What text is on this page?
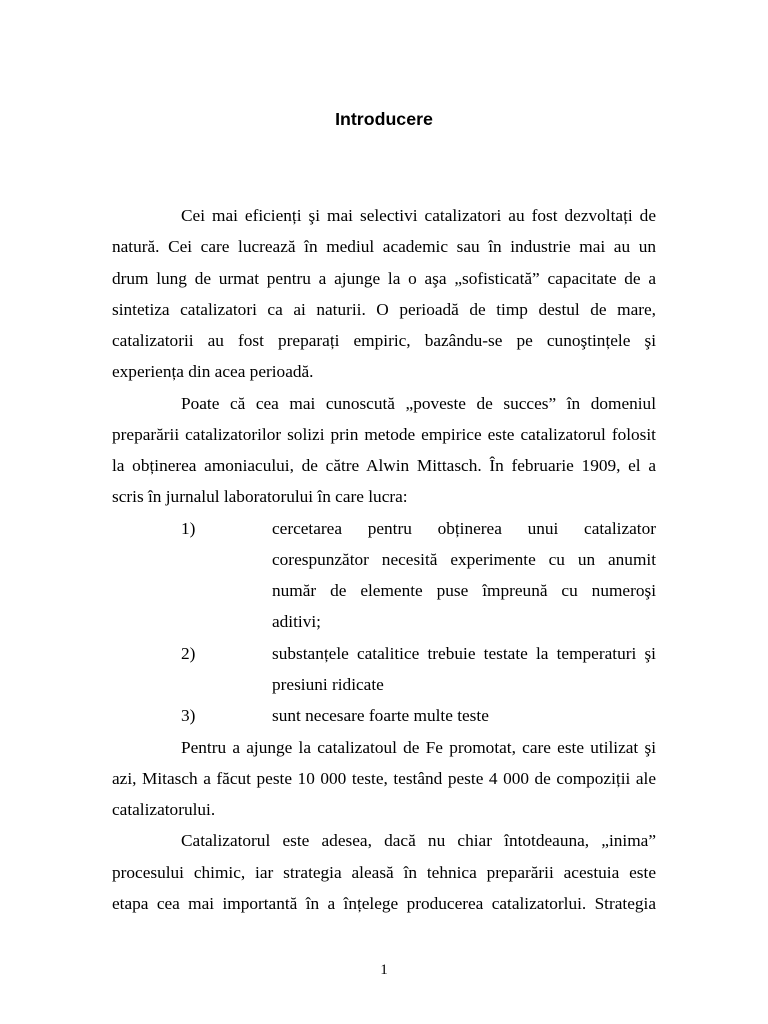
Introducere
Cei mai eficienți şi mai selectivi catalizatori au fost dezvoltați de
natură. Cei care lucrează în mediul academic sau în industrie mai au un
drum lung de urmat pentru a ajunge la o aşa „sofisticată” capacitate de a
sintetiza catalizatori ca ai naturii. O perioadă de timp destul de mare,
catalizatorii au fost preparați empiric, bazându-se pe cunoştințele şi
experiența din acea perioadă.
Poate că cea mai cunoscută „poveste de succes” în domeniul
preparării catalizatorilor solizi prin metode empirice este catalizatorul folosit
la obținerea amoniacului, de către Alwin Mittasch. În februarie 1909, el a
scris în jurnalul laboratorului în care lucra:
1)	cercetarea pentru obținerea unui catalizator
corespunzător necesită experimente cu un anumit
număr de elemente puse împreună cu numeroşi
aditivi;
2)	substanțele catalitice trebuie testate la temperaturi şi
presiuni ridicate
3)	sunt necesare foarte multe teste
Pentru a ajunge la catalizatoul de Fe promotat, care este utilizat şi
azi, Mitasch a făcut peste 10 000 teste, testând peste 4 000 de compoziții ale
catalizatorului.
Catalizatorul este adesea, dacă nu chiar întotdeauna, „inima”
procesului chimic, iar strategia aleasă în tehnica preparării acestuia este
etapa cea mai importantă în a înțelege producerea catalizatorlui. Strategia
1
